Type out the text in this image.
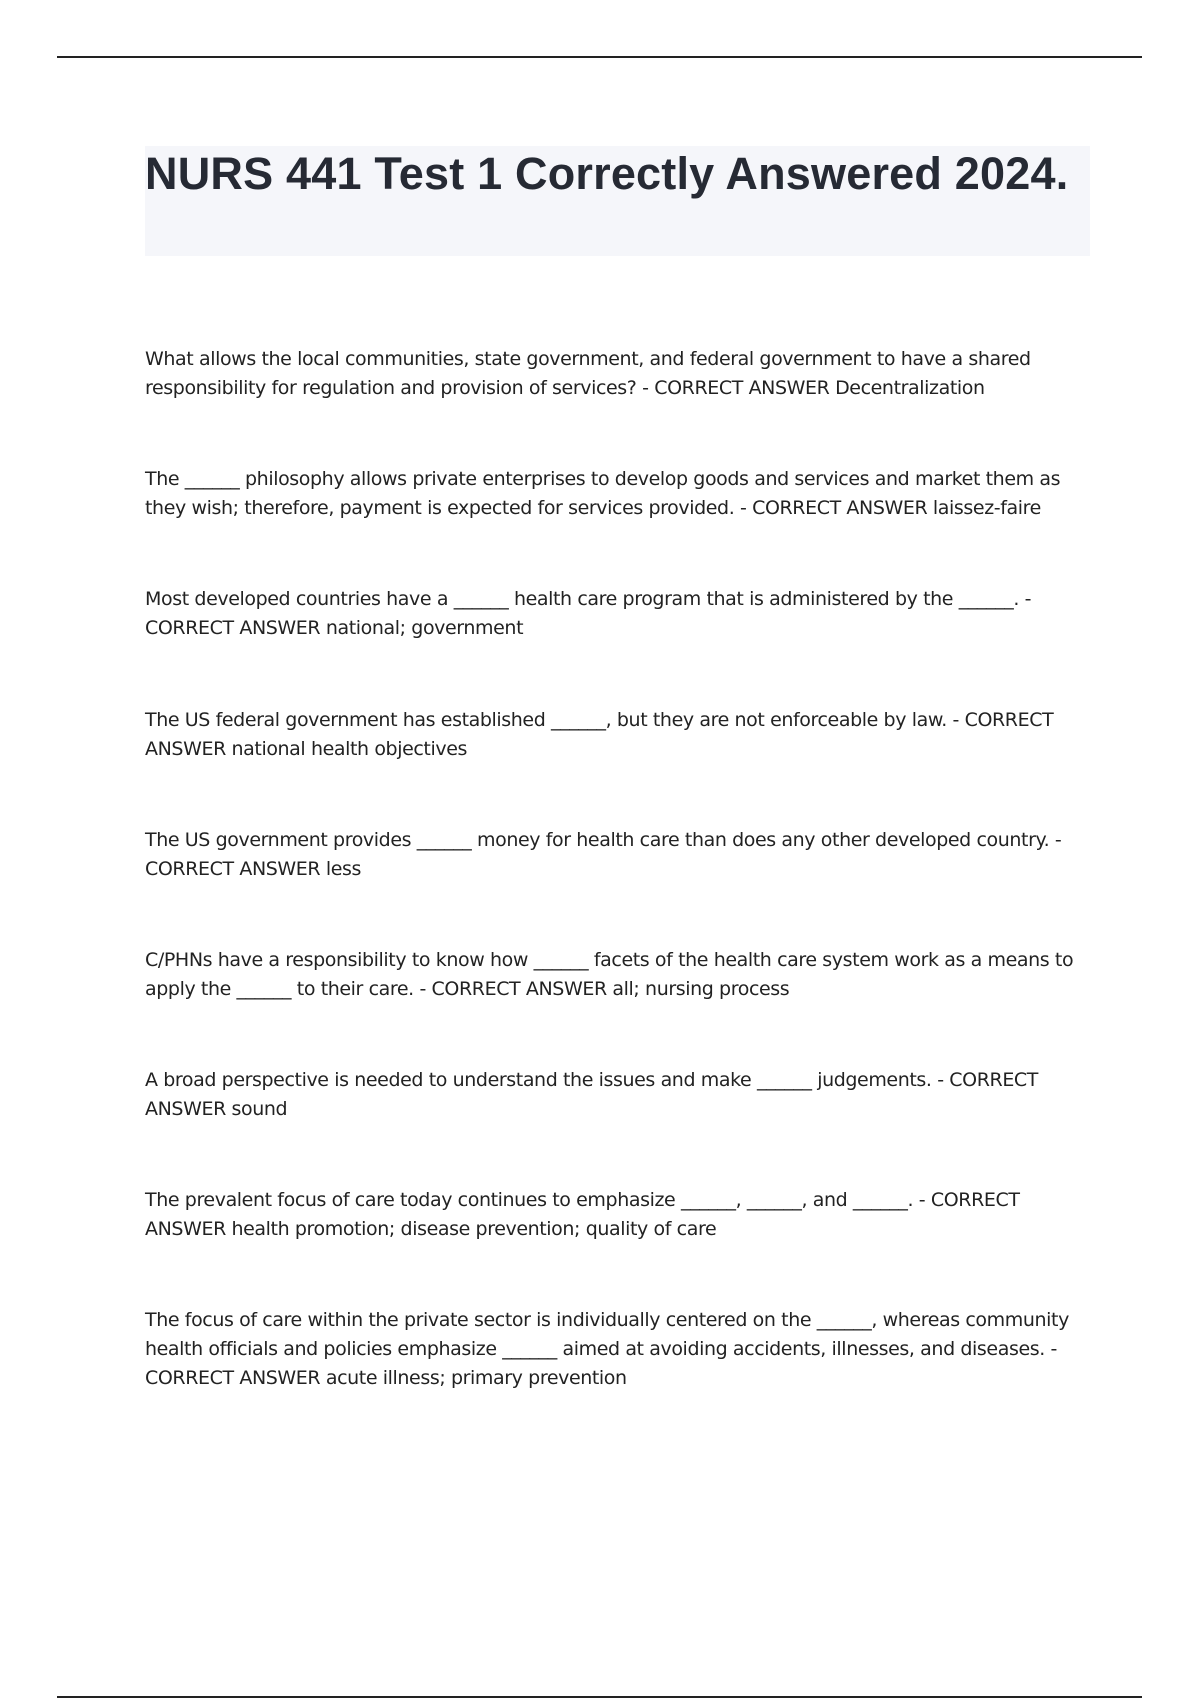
NURS 441 Test 1 Correctly Answered 2024.
What allows the local communities, state government, and federal government to have a shared responsibility for regulation and provision of services? - CORRECT ANSWER Decentralization
The ______ philosophy allows private enterprises to develop goods and services and market them as they wish; therefore, payment is expected for services provided. - CORRECT ANSWER laissez-faire
Most developed countries have a ______ health care program that is administered by the ______. - CORRECT ANSWER national; government
The US federal government has established ______, but they are not enforceable by law. - CORRECT ANSWER national health objectives
The US government provides ______ money for health care than does any other developed country. - CORRECT ANSWER less
C/PHNs have a responsibility to know how ______ facets of the health care system work as a means to apply the ______ to their care. - CORRECT ANSWER all; nursing process
A broad perspective is needed to understand the issues and make ______ judgements. - CORRECT ANSWER sound
The prevalent focus of care today continues to emphasize ______, ______, and ______. - CORRECT ANSWER health promotion; disease prevention; quality of care
The focus of care within the private sector is individually centered on the ______, whereas community health officials and policies emphasize ______ aimed at avoiding accidents, illnesses, and diseases. - CORRECT ANSWER acute illness; primary prevention
